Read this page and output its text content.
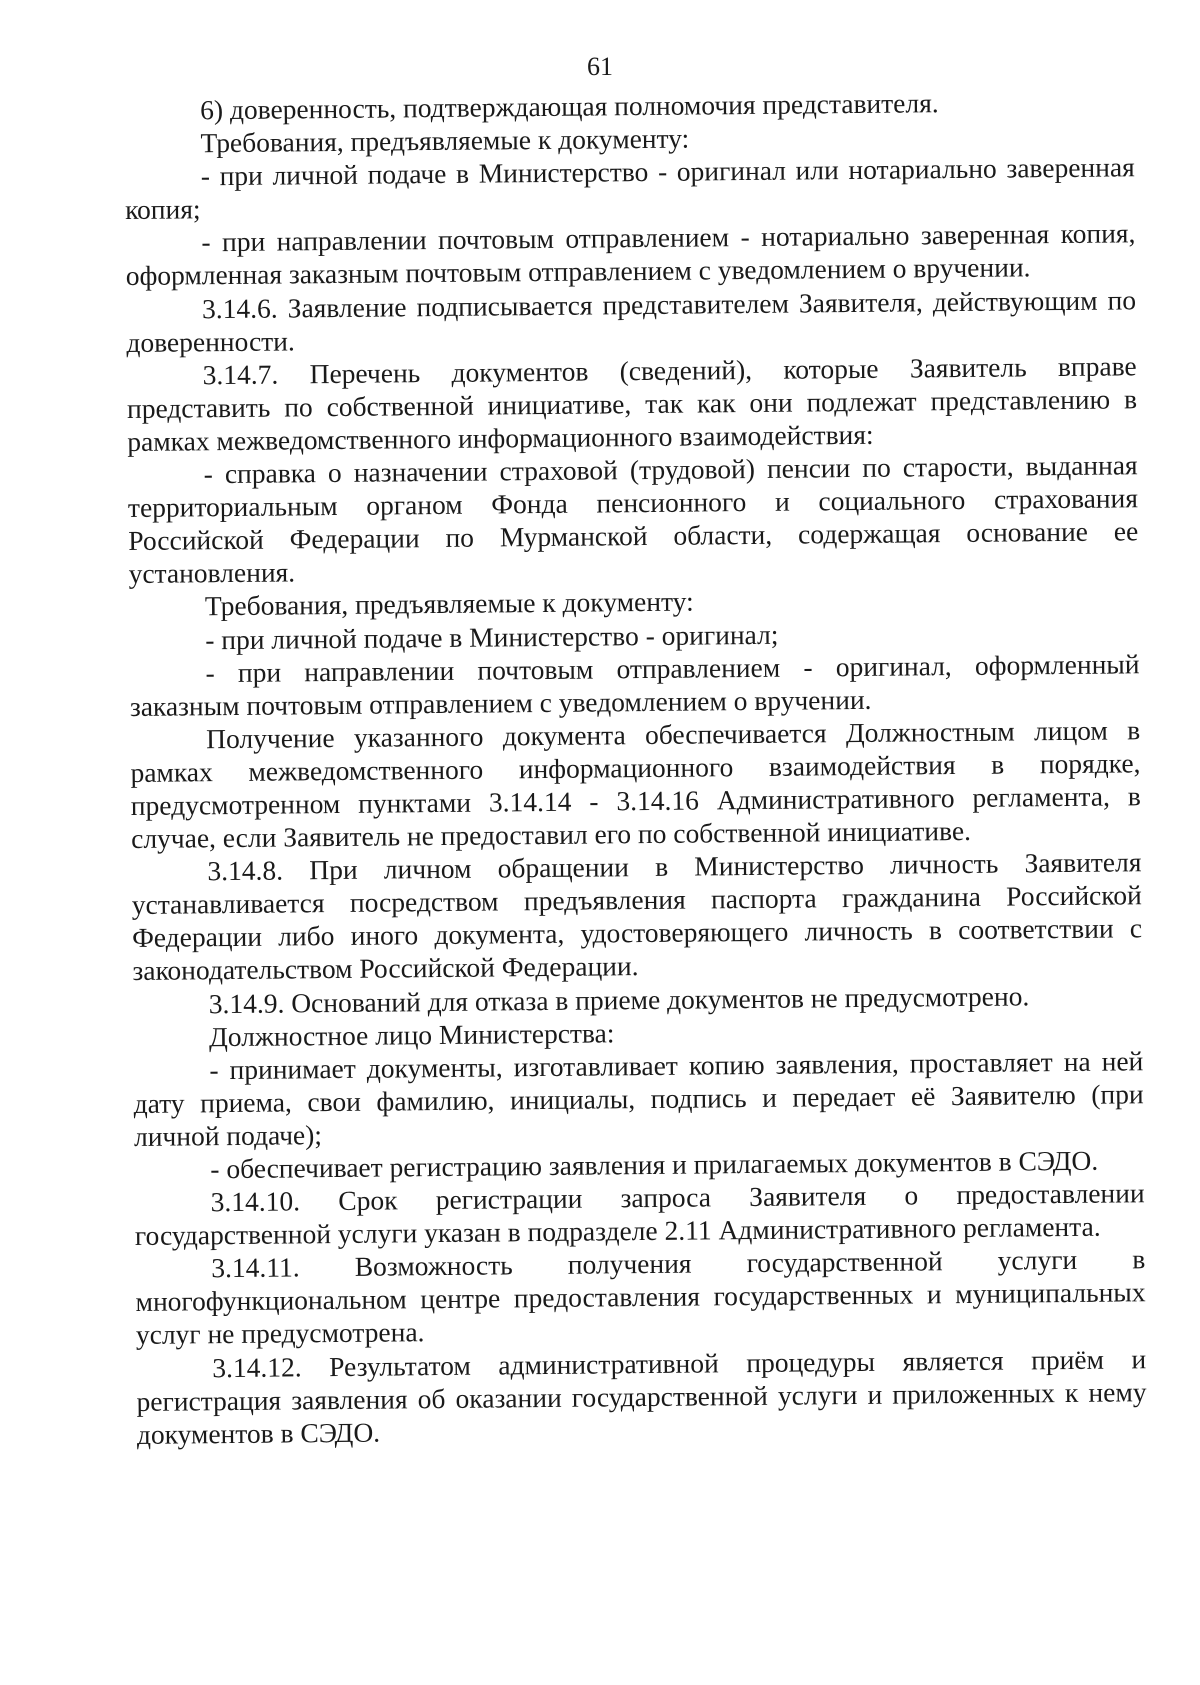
61

6) доверенность, подтверждающая полномочия представителя.

Требования, предъявляемые к документу:

- при личной подаче в Министерство - оригинал или нотариально заверенная копия;

- при направлении почтовым отправлением - нотариально заверенная копия, оформленная заказным почтовым отправлением с уведомлением о вручении.

3.14.6. Заявление подписывается представителем Заявителя, действующим по доверенности.

3.14.7. Перечень документов (сведений), которые Заявитель вправе представить по собственной инициативе, так как они подлежат представлению в рамках межведомственного информационного взаимодействия:

- справка о назначении страховой (трудовой) пенсии по старости, выданная территориальным органом Фонда пенсионного и социального страхования Российской Федерации по Мурманской области, содержащая основание ее установления.

Требования, предъявляемые к документу:

- при личной подаче в Министерство - оригинал;

- при направлении почтовым отправлением - оригинал, оформленный заказным почтовым отправлением с уведомлением о вручении.

Получение указанного документа обеспечивается Должностным лицом в рамках межведомственного информационного взаимодействия в порядке, предусмотренном пунктами 3.14.14 - 3.14.16 Административного регламента, в случае, если Заявитель не предоставил его по собственной инициативе.

3.14.8. При личном обращении в Министерство личность Заявителя устанавливается посредством предъявления паспорта гражданина Российской Федерации либо иного документа, удостоверяющего личность в соответствии с законодательством Российской Федерации.

3.14.9. Оснований для отказа в приеме документов не предусмотрено.

Должностное лицо Министерства:

- принимает документы, изготавливает копию заявления, проставляет на ней дату приема, свои фамилию, инициалы, подпись и передает её Заявителю (при личной подаче);

- обеспечивает регистрацию заявления и прилагаемых документов в СЭДО.

3.14.10. Срок регистрации запроса Заявителя о предоставлении государственной услуги указан в подразделе 2.11 Административного регламента.

3.14.11. Возможность получения государственной услуги в многофункциональном центре предоставления государственных и муниципальных услуг не предусмотрена.

3.14.12. Результатом административной процедуры является приём и регистрация заявления об оказании государственной услуги и приложенных к нему документов в СЭДО.
